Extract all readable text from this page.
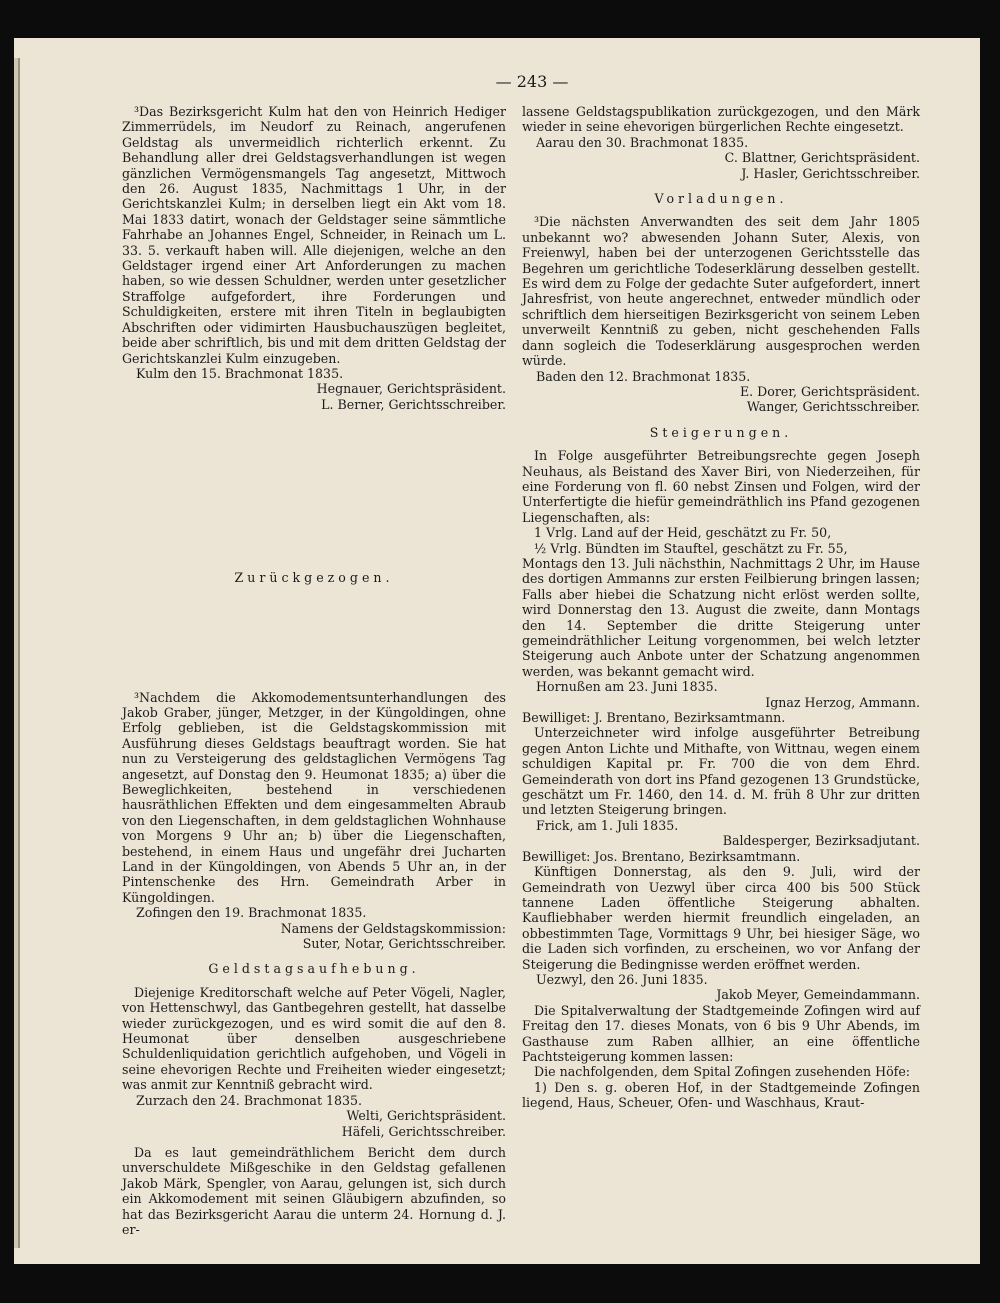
— 243 —

³Das Bezirksgericht Kulm hat den von Heinrich Hediger Zimmerrüdels, im Neudorf zu Reinach, angerufenen Geldstag als unvermeidlich richterlich erkennt. Zu Behandlung aller drei Geldstagsverhandlungen ist wegen gänzlichen Vermögensmangels Tag angesetzt, Mittwoch den 26. August 1835, Nachmittags 1 Uhr, in der Gerichtskanzlei Kulm; in derselben liegt ein Akt vom 18. Mai 1833 datirt, wonach der Geldstager seine sämmtliche Fahrhabe an Johannes Engel, Schneider, in Reinach um L. 33. 5. verkauft haben will. Alle diejenigen, welche an den Geldstager irgend einer Art Anforderungen zu machen haben, so wie dessen Schuldner, werden unter gesetzlicher Straffolge aufgefordert, ihre Forderungen und Schuldigkeiten, erstere mit ihren Titeln in beglaubigten Abschriften oder vidimirten Hausbuchauszügen begleitet, beide aber schriftlich, bis und mit dem dritten Geldstag der Gerichtskanzlei Kulm einzugeben.

Kulm den 15. Brachmonat 1835.

Hegnauer, Gerichtspräsident.

L. Berner, Gerichtsschreiber.

Zurückgezogen.

³Nachdem die Akkomodementsunterhandlungen des Jakob Graber, jünger, Metzger, in der Küngoldingen, ohne Erfolg geblieben, ist die Geldstagskommission mit Ausführung dieses Geldstags beauftragt worden. Sie hat nun zu Versteigerung des geldstaglichen Vermögens Tag angesetzt, auf Donstag den 9. Heumonat 1835; a) über die Beweglichkeiten, bestehend in verschiedenen hausräthlichen Effekten und dem eingesammelten Abraub von den Liegenschaften, in dem geldstaglichen Wohnhause von Morgens 9 Uhr an; b) über die Liegenschaften, bestehend, in einem Haus und ungefähr drei Jucharten Land in der Küngoldingen, von Abends 5 Uhr an, in der Pintenschenke des Hrn. Gemeindrath Arber in Küngoldingen.

Zofingen den 19. Brachmonat 1835.

Namens der Geldstagskommission:

Suter, Notar, Gerichtsschreiber.

Geldstagsaufhebung.

Diejenige Kreditorschaft welche auf Peter Vögeli, Nagler, von Hettenschwyl, das Gantbegehren gestellt, hat dasselbe wieder zurückgezogen, und es wird somit die auf den 8. Heumonat über denselben ausgeschriebene Schuldenliquidation gerichtlich aufgehoben, und Vögeli in seine ehevorigen Rechte und Freiheiten wieder eingesetzt; was anmit zur Kenntniß gebracht wird.

Zurzach den 24. Brachmonat 1835.

Welti, Gerichtspräsident.

Häfeli, Gerichtsschreiber.

Da es laut gemeindräthlichem Bericht dem durch unverschuldete Mißgeschike in den Geldstag gefallenen Jakob Märk, Spengler, von Aarau, gelungen ist, sich durch ein Akkomodement mit seinen Gläubigern abzufinden, so hat das Bezirksgericht Aarau die unterm 24. Hornung d. J. er-

lassene Geldstagspublikation zurückgezogen, und den Märk wieder in seine ehevorigen bürgerlichen Rechte eingesetzt.

Aarau den 30. Brachmonat 1835.

C. Blattner, Gerichtspräsident.

J. Hasler, Gerichtsschreiber.

Vorladungen.

³Die nächsten Anverwandten des seit dem Jahr 1805 unbekannt wo? abwesenden Johann Suter, Alexis, von Freienwyl, haben bei der unterzogenen Gerichtsstelle das Begehren um gerichtliche Todeserklärung desselben gestellt. Es wird dem zu Folge der gedachte Suter aufgefordert, innert Jahresfrist, von heute angerechnet, entweder mündlich oder schriftlich dem hierseitigen Bezirksgericht von seinem Leben unverweilt Kenntniß zu geben, nicht geschehenden Falls dann sogleich die Todeserklärung ausgesprochen werden würde.

Baden den 12. Brachmonat 1835.

E. Dorer, Gerichtspräsident.

Wanger, Gerichtsschreiber.

Steigerungen.

In Folge ausgeführter Betreibungsrechte gegen Joseph Neuhaus, als Beistand des Xaver Biri, von Niederzeihen, für eine Forderung von fl. 60 nebst Zinsen und Folgen, wird der Unterfertigte die hiefür gemeindräthlich ins Pfand gezogenen Liegenschaften, als:

1 Vrlg. Land auf der Heid, geschätzt zu Fr. 50,

½ Vrlg. Bündten im Stauftel, geschätzt zu Fr. 55,

Montags den 13. Juli nächsthin, Nachmittags 2 Uhr, im Hause des dortigen Ammanns zur ersten Feilbierung bringen lassen; Falls aber hiebei die Schatzung nicht erlöst werden sollte, wird Donnerstag den 13. August die zweite, dann Montags den 14. September die dritte Steigerung unter gemeindräthlicher Leitung vorgenommen, bei welch letzter Steigerung auch Anbote unter der Schatzung angenommen werden, was bekannt gemacht wird.

Hornußen am 23. Juni 1835.

Ignaz Herzog, Ammann.

Bewilliget: J. Brentano, Bezirksamtmann.

Unterzeichneter wird infolge ausgeführter Betreibung gegen Anton Lichte und Mithafte, von Wittnau, wegen einem schuldigen Kapital pr. Fr. 700 die von dem Ehrd. Gemeinderath von dort ins Pfand gezogenen 13 Grundstücke, geschätzt um Fr. 1460, den 14. d. M. früh 8 Uhr zur dritten und letzten Steigerung bringen.

Frick, am 1. Juli 1835.

Baldesperger, Bezirksadjutant.

Bewilliget: Jos. Brentano, Bezirksamtmann.

Künftigen Donnerstag, als den 9. Juli, wird der Gemeindrath von Uezwyl über circa 400 bis 500 Stück tannene Laden öffentliche Steigerung abhalten. Kaufliebhaber werden hiermit freundlich eingeladen, an obbestimmten Tage, Vormittags 9 Uhr, bei hiesiger Säge, wo die Laden sich vorfinden, zu erscheinen, wo vor Anfang der Steigerung die Bedingnisse werden eröffnet werden.

Uezwyl, den 26. Juni 1835.

Jakob Meyer, Gemeindammann.

Die Spitalverwaltung der Stadtgemeinde Zofingen wird auf Freitag den 17. dieses Monats, von 6 bis 9 Uhr Abends, im Gasthause zum Raben allhier, an eine öffentliche Pachtsteigerung kommen lassen:

Die nachfolgenden, dem Spital Zofingen zusehenden Höfe:

1) Den s. g. oberen Hof, in der Stadtgemeinde Zofingen liegend, Haus, Scheuer, Ofen- und Waschhaus, Kraut-
